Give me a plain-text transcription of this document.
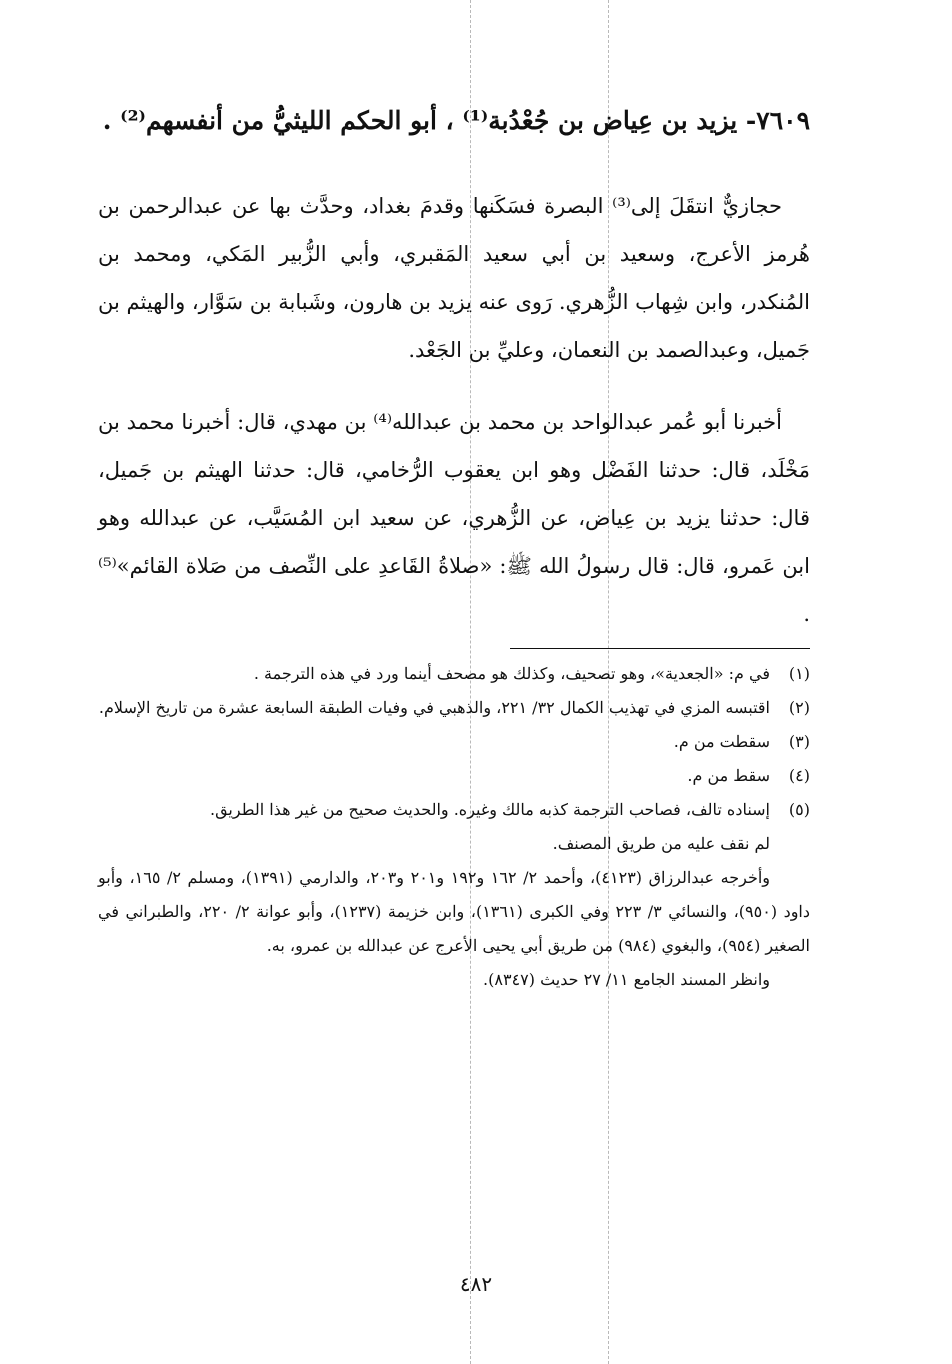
٧٦٠٩- يزيد بن عِياض بن جُعْدُبة⁽¹⁾ ، أبو الحكم الليثيُّ من أنفسهم⁽²⁾ .

حجازيٌّ انتقَلَ إلى⁽³⁾ البصرة فسَكَنها وقدمَ بغداد، وحدَّث بها عن عبدالرحمن بن هُرمز الأعرج، وسعيد بن أبي سعيد المَقبري، وأبي الزُّبير المَكي، ومحمد بن المُنكدر، وابن شِهاب الزُّهري. رَوى عنه يزيد بن هارون، وشَبابة بن سَوَّار، والهيثم بن جَميل، وعبدالصمد بن النعمان، وعليِّ بن الجَعْد.

أخبرنا أبو عُمر عبدالواحد بن محمد بن عبدالله⁽⁴⁾ بن مهدي، قال: أخبرنا محمد بن مَخْلَد، قال: حدثنا الفَضْل وهو ابن يعقوب الرُّخامي، قال: حدثنا الهيثم بن جَميل، قال: حدثنا يزيد بن عِياض، عن الزُّهري، عن سعيد ابن المُسَيَّب، عن عبدالله وهو ابن عَمرو، قال: قال رسولُ الله ﷺ: «صلاةُ القَاعدِ على النِّصف من صَلاة القائم»⁽⁵⁾ .

(١)
في م: «الجعدية»، وهو تصحيف، وكذلك هو مصحف أينما ورد في هذه الترجمة .
(٢)
اقتبسه المزي في تهذيب الكمال ٣٢/ ٢٢١، والذهبي في وفيات الطبقة السابعة عشرة من تاريخ الإسلام.
(٣)
سقطت من م.
(٤)
سقط من م.
(٥)
إسناده تالف، فصاحب الترجمة كذبه مالك وغيره. والحديث صحيح من غير هذا الطريق.

لم نقف عليه من طريق المصنف.

وأخرجه عبدالرزاق (٤١٢٣)، وأحمد ٢/ ١٦٢ و١٩٢ و٢٠١ و٢٠٣، والدارمي (١٣٩١)، ومسلم ٢/ ١٦٥، وأبو داود (٩٥٠)، والنسائي ٣/ ٢٢٣ وفي الكبرى (١٣٦١)، وابن خزيمة (١٢٣٧)، وأبو عوانة ٢/ ٢٢٠، والطبراني في الصغير (٩٥٤)، والبغوي (٩٨٤) من طريق أبي يحيى الأعرج عن عبدالله بن عمرو، به.

وانظر المسند الجامع ١١/ ٢٧ حديث (٨٣٤٧).

٤٨٢
